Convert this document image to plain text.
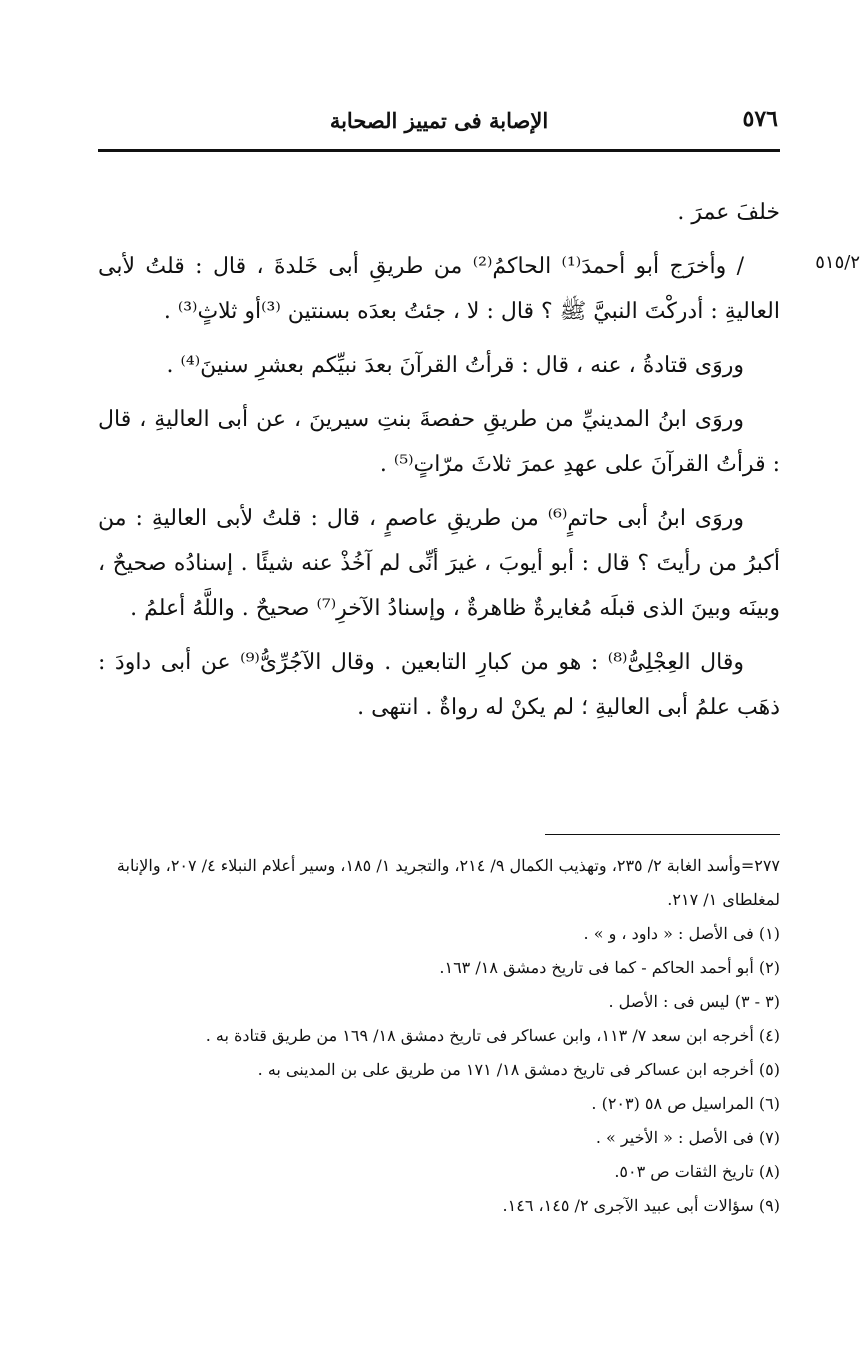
٥٧٦
الإصابة فى تمييز الصحابة
٥١٥/٢

خلفَ عمرَ .

/ وأخرَج أبو أحمدَ⁽¹⁾ الحاكمُ⁽²⁾ من طريقِ أبى خَلدةَ ، قال : قلتُ لأبى العاليةِ : أدركْتَ النبيَّ ﷺ ؟ قال : لا ، جئتُ بعدَه بسنتين ⁽³⁾أو ثلاثٍ⁽³⁾ .

وروَى قتادةُ ، عنه ، قال : قرأتُ القرآنَ بعدَ نبيِّكم بعشرِ سنينَ⁽⁴⁾ .

وروَى ابنُ المدينيِّ من طريقِ حفصةَ بنتِ سيرينَ ، عن أبى العاليةِ ، قال : قرأتُ القرآنَ على عهدِ عمرَ ثلاثَ مرّاتٍ⁽⁵⁾ .

وروَى ابنُ أبى حاتمٍ⁽⁶⁾ من طريقِ عاصمٍ ، قال : قلتُ لأبى العاليةِ : من أكبرُ من رأيتَ ؟ قال : أبو أيوبَ ، غيرَ أنِّى لم آخُذْ عنه شيئًا . إسنادُه صحيحٌ ، وبينَه وبينَ الذى قبلَه مُغايرةٌ ظاهرةٌ ، وإسنادُ الآخرِ⁽⁷⁾ صحيحٌ . واللَّهُ أعلمُ .

وقال العِجْلِىُّ⁽⁸⁾ : هو من كبارِ التابعين . وقال الآجُرِّىُّ⁽⁹⁾ عن أبى داودَ : ذهَب علمُ أبى العاليةِ ؛ لم يكنْ له رواةٌ . انتهى .

٢٧٧=وأسد الغابة ٢/ ٢٣٥، وتهذيب الكمال ٩/ ٢١٤، والتجريد ١/ ١٨٥، وسير أعلام النبلاء ٤/ ٢٠٧، والإنابة لمغلطاى ١/ ٢١٧.

(١) فى الأصل : « داود ، و » .

(٢) أبو أحمد الحاكم - كما فى تاريخ دمشق ١٨/ ١٦٣.

(٣ - ٣) ليس فى : الأصل .

(٤) أخرجه ابن سعد ٧/ ١١٣، وابن عساكر فى تاريخ دمشق ١٨/ ١٦٩ من طريق قتادة به .

(٥) أخرجه ابن عساكر فى تاريخ دمشق ١٨/ ١٧١ من طريق على بن المدينى به .

(٦) المراسيل ص ٥٨ (٢٠٣) .

(٧) فى الأصل : « الأخير » .

(٨) تاريخ الثقات ص ٥٠٣.

(٩) سؤالات أبى عبيد الآجرى ٢/ ١٤٥، ١٤٦.
